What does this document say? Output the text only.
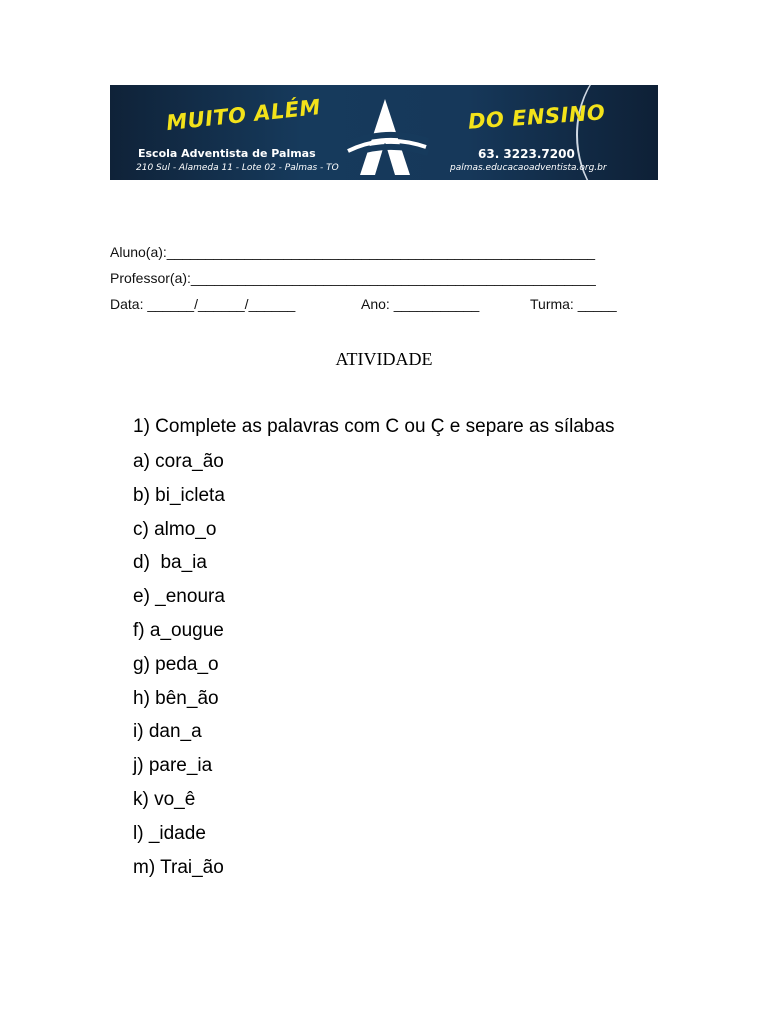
MUITO ALÉM	DO ENSINO
Escola Adventista de Palmas
210 Sul - Alameda 11 - Lote 02 - Palmas - TO
63. 3223.7200
palmas.educacaoadventista.org.br
Aluno(a):_______________________________________________________
Professor(a):____________________________________________________
Data: ______/______/______	Ano: ___________	Turma: _____
ATIVIDADE
1) Complete as palavras com C ou Ç e separe as sílabas
a) cora_ão
b) bi_icleta
c) almo_o
d)  ba_ia
e) _enoura
f) a_ougue
g) peda_o
h) bên_ão
i) dan_a
j) pare_ia
k) vo_ê
l) _idade
m) Trai_ão
